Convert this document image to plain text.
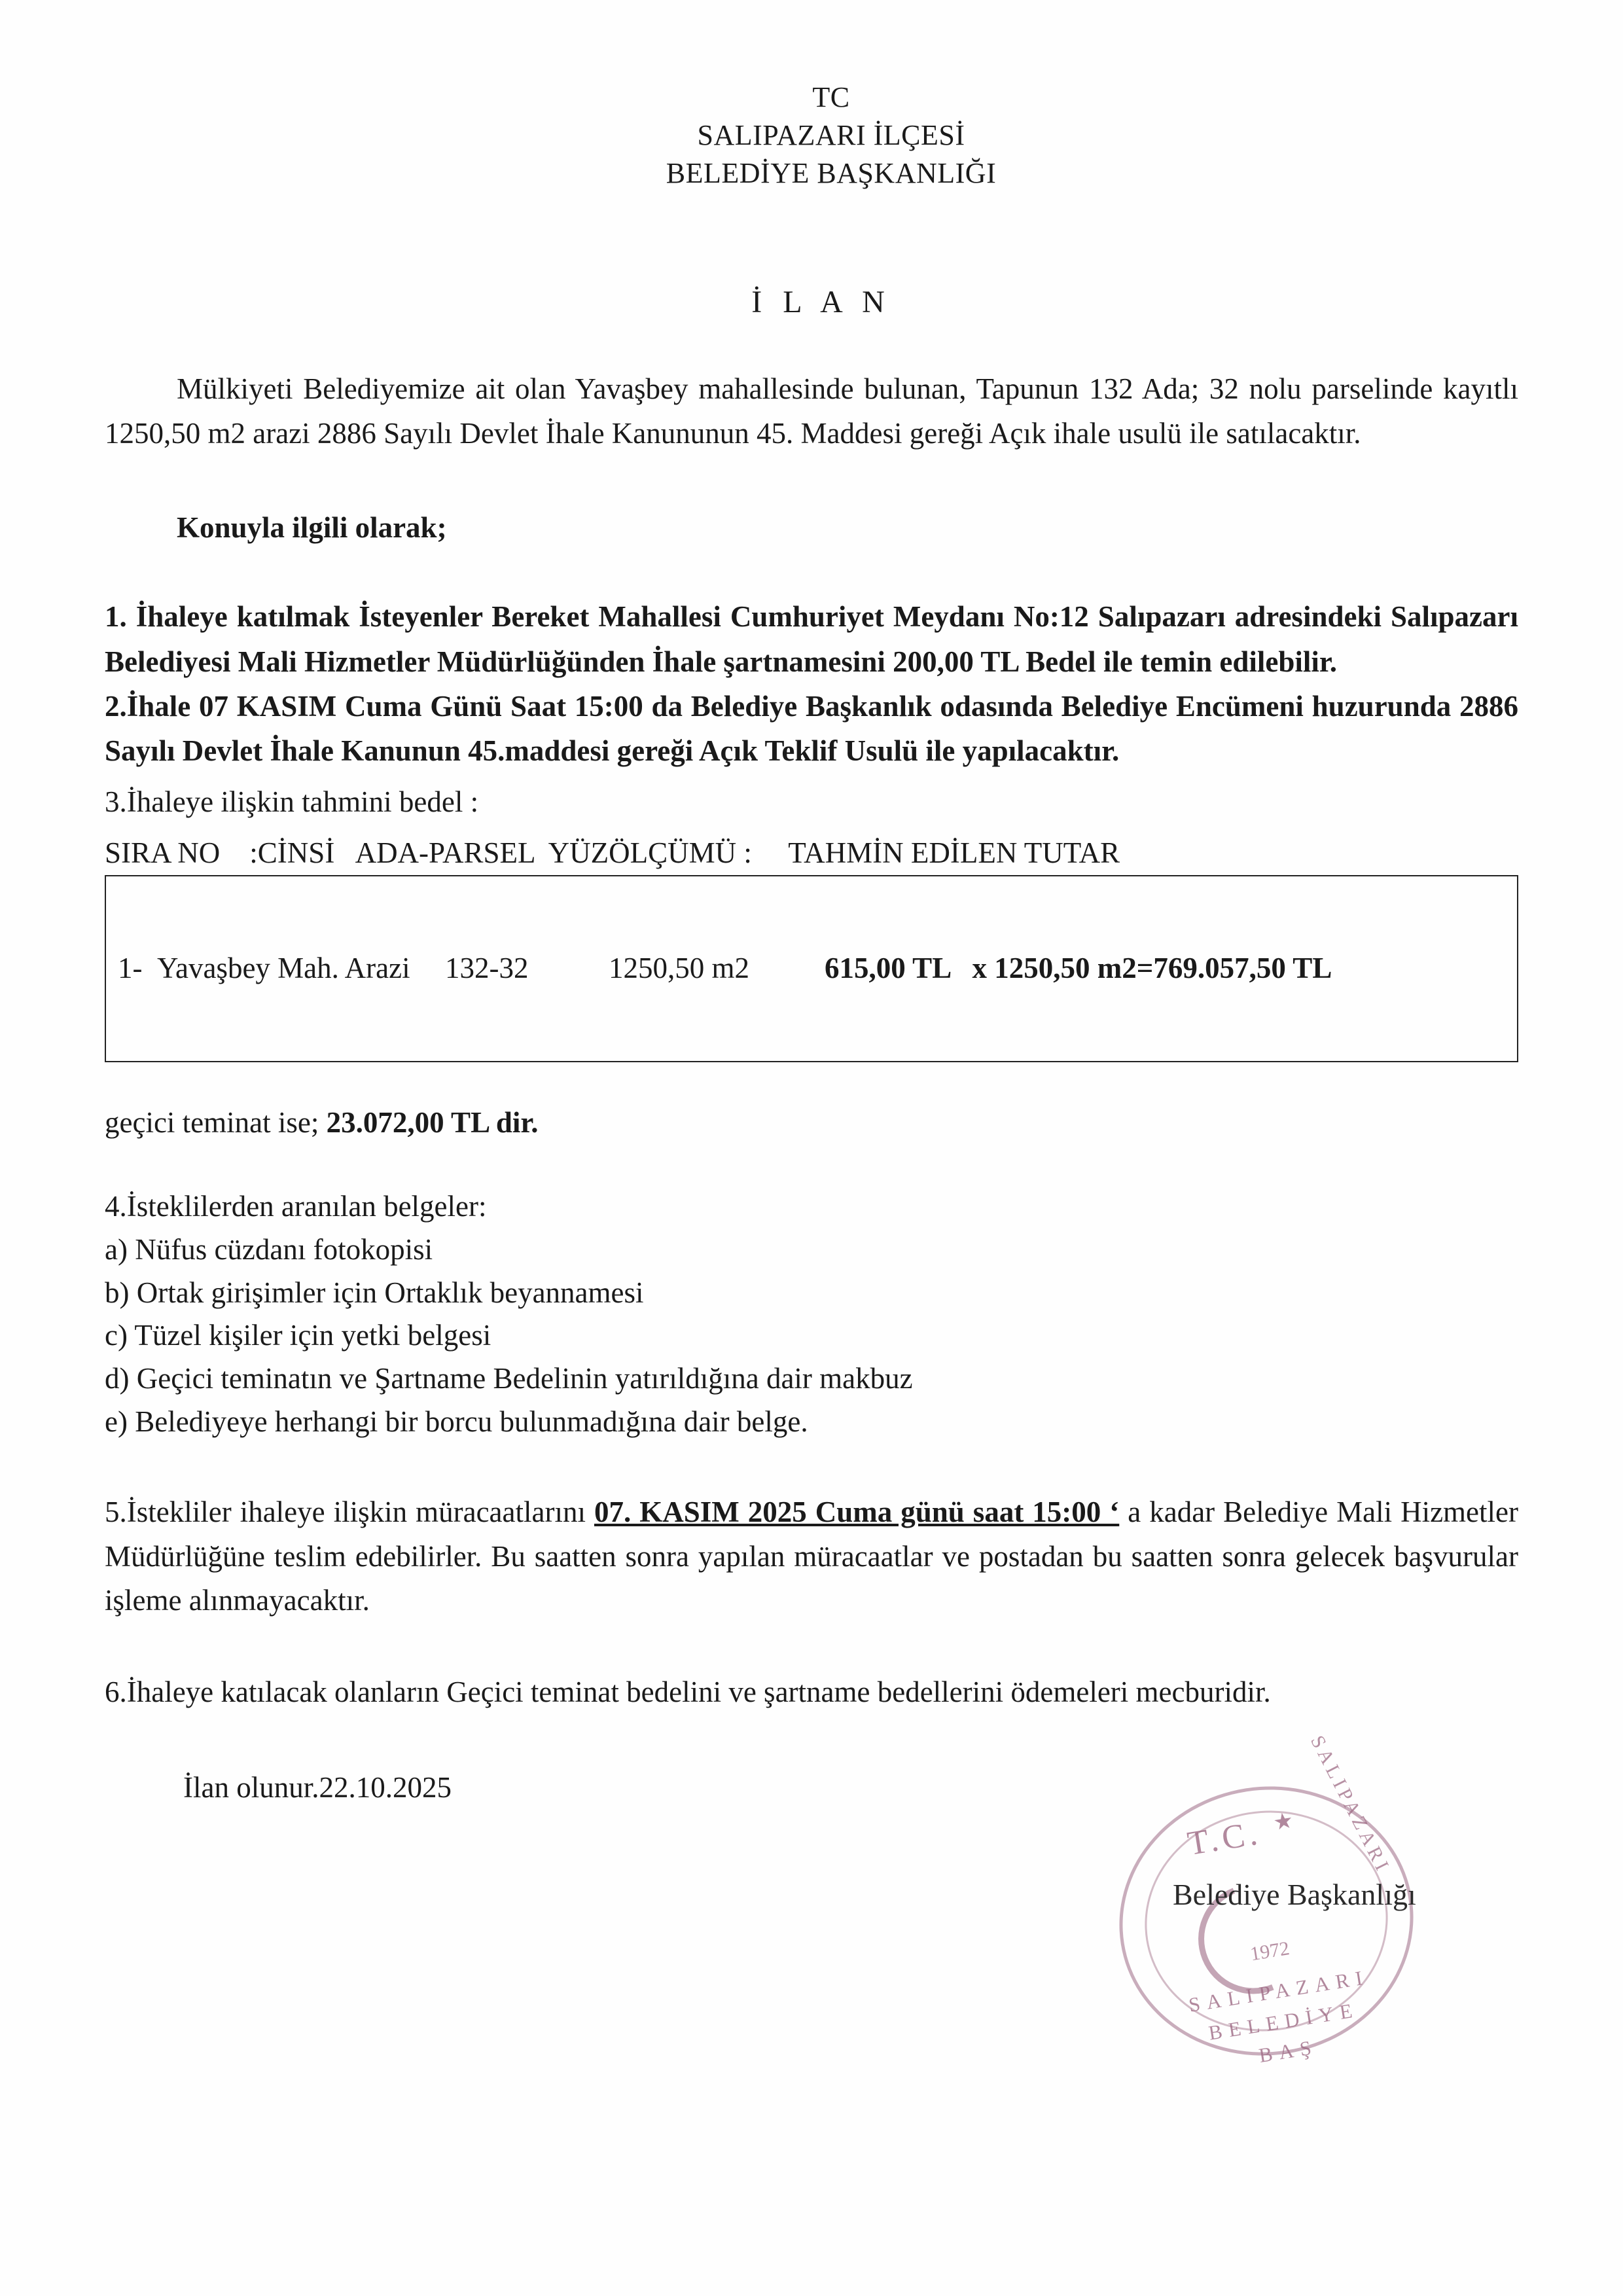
TC
SALIPAZARI İLÇESİ
BELEDİYE BAŞKANLIĞI
İ L A N
Mülkiyeti Belediyemize ait olan Yavaşbey mahallesinde bulunan, Tapunun 132 Ada; 32 nolu parselinde kayıtlı 1250,50 m2 arazi 2886 Sayılı Devlet İhale Kanununun 45. Maddesi gereği Açık ihale usulü ile satılacaktır.
Konuyla ilgili olarak;
1. İhaleye katılmak İsteyenler Bereket Mahallesi Cumhuriyet Meydanı No:12 Salıpazarı adresindeki Salıpazarı Belediyesi Mali Hizmetler Müdürlüğünden İhale şartnamesini 200,00 TL Bedel ile temin edilebilir.
2.İhale 07 KASIM Cuma Günü Saat 15:00 da Belediye Başkanlık odasında Belediye Encümeni huzurunda 2886 Sayılı Devlet İhale Kanunun 45.maddesi gereği Açık Teklif Usulü ile yapılacaktır.
3.İhaleye ilişkin tahmini bedel :
SIRA NO    :CİNSİ   ADA-PARSEL  YÜZÖLÇÜMÜ :     TAHMİN EDİLEN TUTAR

1- Yavaşbey Mah. Arazi	132-32	1250,50 m2	615,00 TL   x 1250,50 m2=769.057,50 TL

geçici teminat ise; 23.072,00 TL dir.
4.İsteklilerden aranılan belgeler:
a) Nüfus cüzdanı fotokopisi
b) Ortak girişimler için Ortaklık beyannamesi
c) Tüzel kişiler için yetki belgesi
d) Geçici teminatın ve Şartname Bedelinin yatırıldığına dair makbuz
e) Belediyeye herhangi bir borcu bulunmadığına dair belge.
5.İstekliler ihaleye ilişkin müracaatlarını 07. KASIM 2025 Cuma günü saat 15:00 ‘ a kadar Belediye Mali Hizmetler Müdürlüğüne teslim edebilirler. Bu saatten sonra yapılan müracaatlar ve postadan bu saatten sonra gelecek başvurular işleme alınmayacaktır.
6.İhaleye katılacak olanların Geçici teminat bedelini ve şartname bedellerini ödemeleri mecburidir.
İlan olunur.22.10.2025
T.C. ★
1972
SALIPAZARI BELEDİYE BAŞ
SALIPAZARI
Belediye Başkanlığı
